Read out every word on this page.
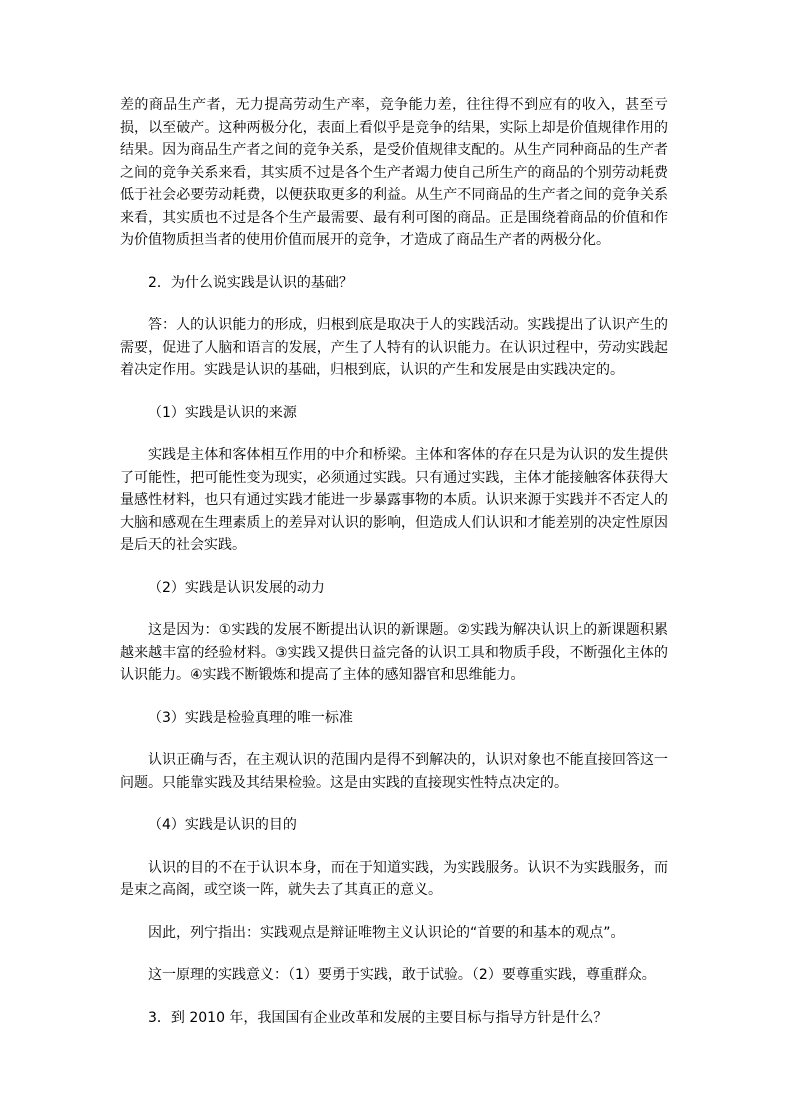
差的商品生产者，无力提高劳动生产率，竞争能力差，往往得不到应有的收入，甚至亏损，以至破产。这种两极分化，表面上看似乎是竞争的结果，实际上却是价值规律作用的结果。因为商品生产者之间的竞争关系，是受价值规律支配的。从生产同种商品的生产者之间的竞争关系来看，其实质不过是各个生产者竭力使自己所生产的商品的个别劳动耗费低于社会必要劳动耗费，以便获取更多的利益。从生产不同商品的生产者之间的竞争关系来看，其实质也不过是各个生产最需要、最有利可图的商品。正是围绕着商品的价值和作为价值物质担当者的使用价值而展开的竞争，才造成了商品生产者的两极分化。

2．为什么说实践是认识的基础？

答：人的认识能力的形成，归根到底是取决于人的实践活动。实践提出了认识产生的需要，促进了人脑和语言的发展，产生了人特有的认识能力。在认识过程中，劳动实践起着决定作用。实践是认识的基础，归根到底，认识的产生和发展是由实践决定的。

（1）实践是认识的来源

实践是主体和客体相互作用的中介和桥梁。主体和客体的存在只是为认识的发生提供了可能性，把可能性变为现实，必须通过实践。只有通过实践，主体才能接触客体获得大量感性材料，也只有通过实践才能进一步暴露事物的本质。认识来源于实践并不否定人的大脑和感观在生理素质上的差异对认识的影响，但造成人们认识和才能差别的决定性原因是后天的社会实践。

（2）实践是认识发展的动力

这是因为：①实践的发展不断提出认识的新课题。②实践为解决认识上的新课题积累越来越丰富的经验材料。③实践又提供日益完备的认识工具和物质手段，不断强化主体的认识能力。④实践不断锻炼和提高了主体的感知器官和思维能力。

（3）实践是检验真理的唯一标准

认识正确与否，在主观认识的范围内是得不到解决的，认识对象也不能直接回答这一问题。只能靠实践及其结果检验。这是由实践的直接现实性特点决定的。

（4）实践是认识的目的

认识的目的不在于认识本身，而在于知道实践，为实践服务。认识不为实践服务，而是束之高阁，或空谈一阵，就失去了其真正的意义。

因此，列宁指出：实践观点是辩证唯物主义认识论的“首要的和基本的观点”。

这一原理的实践意义：（1）要勇于实践，敢于试验。（2）要尊重实践，尊重群众。

3．到 2010 年，我国国有企业改革和发展的主要目标与指导方针是什么？
